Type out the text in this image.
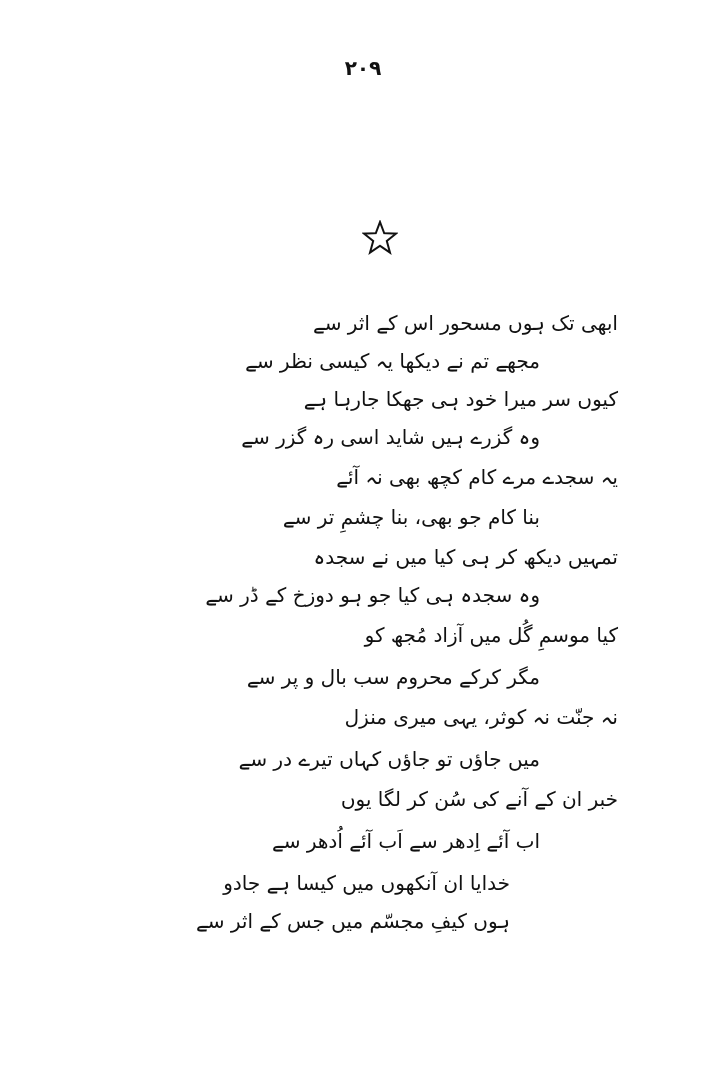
۲۰۹
ابھی تک ہوں مسحور اس کے اثر سے
مجھے تم نے دیکھا یہ کیسی نظر سے
کیوں سر میرا خود ہی جھکا جارہا ہے
وہ گزرے ہیں شاید اسی رہ گزر سے
یہ سجدے مرے کام کچھ بھی نہ آئے
بنا کام جو بھی، بنا چشمِ تر سے
تمہیں دیکھ کر ہی کیا میں نے سجدہ
وہ سجدہ ہی کیا جو ہو دوزخ کے ڈر سے
کیا موسمِ گُل میں آزاد مُجھ کو
مگر کرکے محروم سب بال و پر سے
نہ جنّت نہ کوثر، یہی میری منزل
میں جاؤں تو جاؤں کہاں تیرے در سے
خبر ان کے آنے کی سُن کر لگا یوں
اب آئے اِدھر سے اَب آئے اُدھر سے
خدایا ان آنکھوں میں کیسا ہے جادو
ہوں کیفِ مجسّم میں جس کے اثر سے
